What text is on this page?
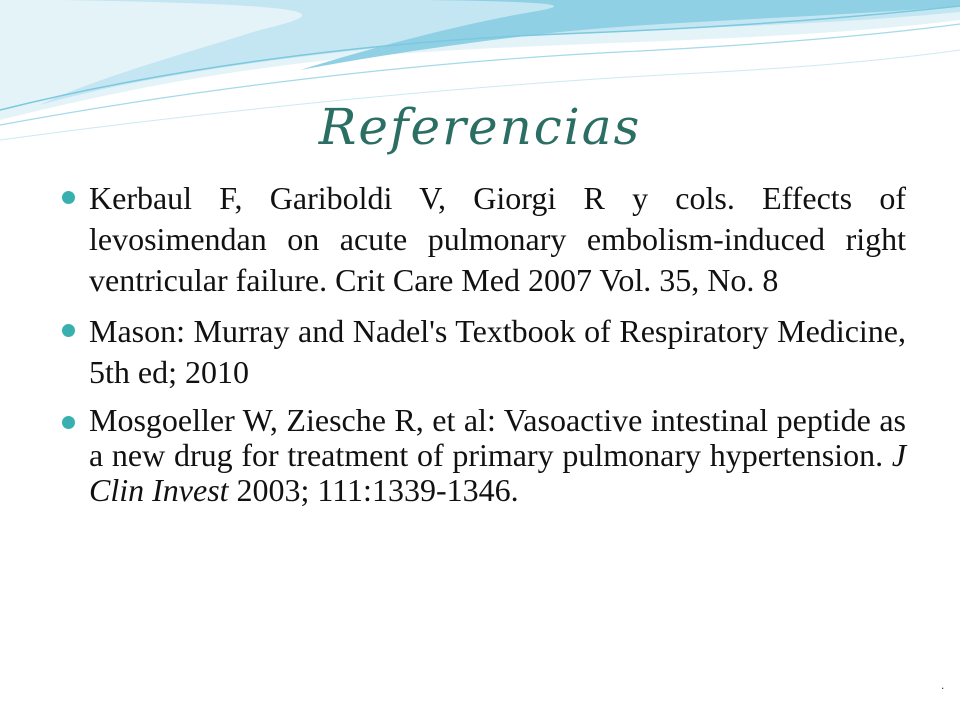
Referencias
Kerbaul F, Gariboldi V, Giorgi R y cols. Effects of levosimendan on acute pulmonary embolism-induced right ventricular failure. Crit Care Med 2007 Vol. 35, No. 8
Mason: Murray and Nadel's Textbook of Respiratory Medicine, 5th ed; 2010
Mosgoeller W, Ziesche R, et al: Vasoactive intestinal peptide as a new drug for treatment of primary pulmonary hypertension. J Clin Invest 2003; 111:1339-1346.
.
